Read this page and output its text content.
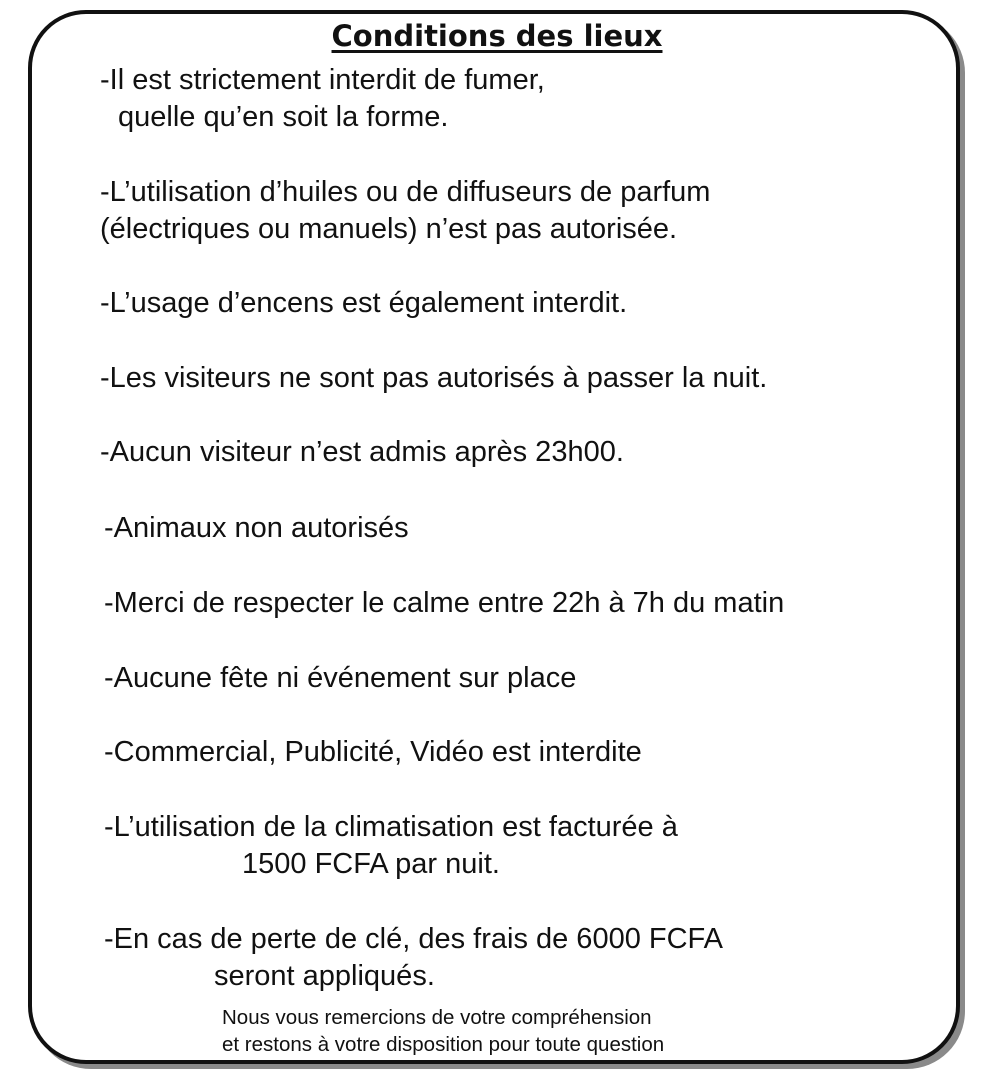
Conditions des lieux

-Il est strictement interdit de fumer,
quelle qu’en soit la forme.

-L’utilisation d’huiles ou de diffuseurs de parfum
(électriques ou manuels) n’est pas autorisée.

-L’usage d’encens est également interdit.

-Les visiteurs ne sont pas autorisés à passer la nuit.

-Aucun visiteur n’est admis après 23h00.

-Animaux non autorisés

-Merci de respecter le calme entre 22h à 7h du matin

-Aucune fête ni événement sur place

-Commercial, Publicité, Vidéo est interdite

-L’utilisation de la climatisation est facturée à
1500 FCFA par nuit.

-En cas de perte de clé, des frais de 6000 FCFA
seront appliqués.

Nous vous remercions de votre compréhension
et restons à votre disposition pour toute question
